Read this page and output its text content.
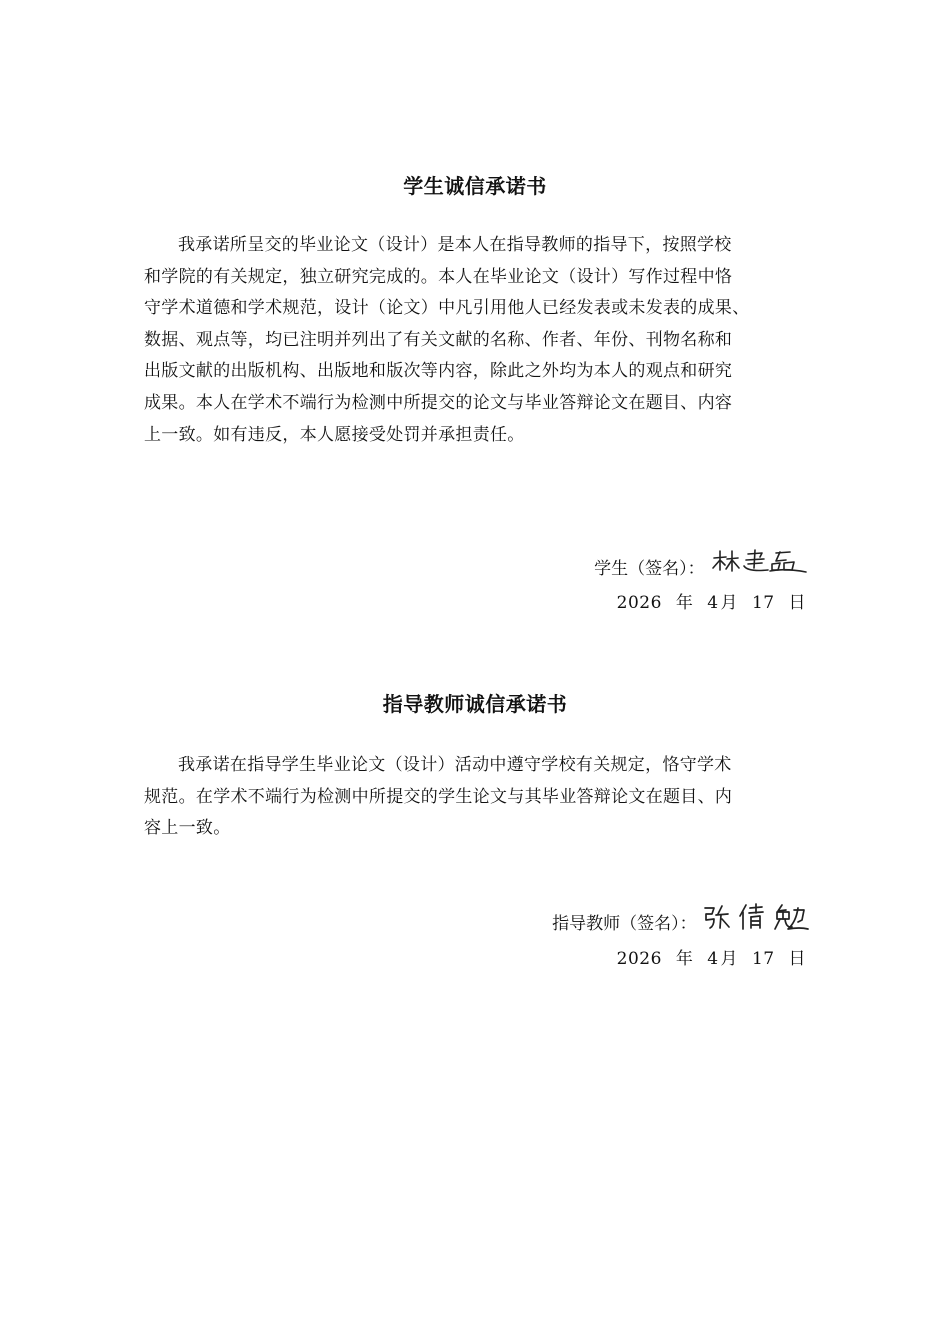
学生诚信承诺书
我承诺所呈交的毕业论文（设计）是本人在指导教师的指导下，按照学校
和学院的有关规定，独立研究完成的。本人在毕业论文（设计）写作过程中恪
守学术道德和学术规范，设计（论文）中凡引用他人已经发表或未发表的成果、
数据、观点等，均已注明并列出了有关文献的名称、作者、年份、刊物名称和
出版文献的出版机构、出版地和版次等内容，除此之外均为本人的观点和研究
成果。本人在学术不端行为检测中所提交的论文与毕业答辩论文在题目、内容
上一致。如有违反，本人愿接受处罚并承担责任。
学生（签名）：
2026 年 4 月 17 日
指导教师诚信承诺书
我承诺在指导学生毕业论文（设计）活动中遵守学校有关规定，恪守学术
规范。在学术不端行为检测中所提交的学生论文与其毕业答辩论文在题目、内
容上一致。
指导教师（签名）：
2026 年 4 月 17 日
